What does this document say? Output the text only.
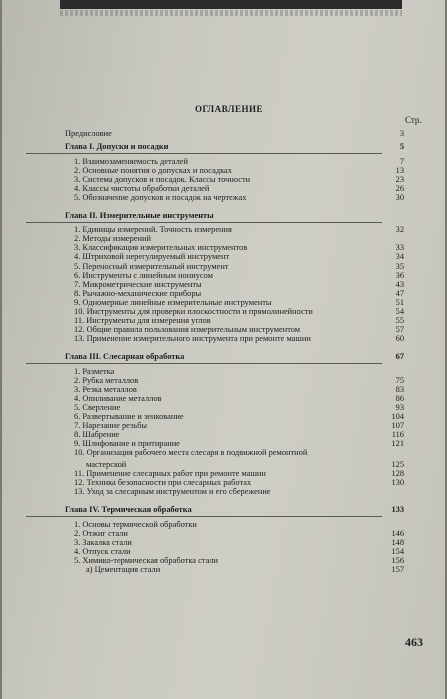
ОГЛАВЛЕНИЕ
Стр.
Предисловие	3
Глава I. Допуски и посадки	5
1. Взаимозаменяемость деталей	7
2. Основные понятия о допусках и посадках	13
3. Система допусков и посадок. Классы точности	23
4. Классы чистоты обработки деталей	26
5. Обозначение допусков и посадок на чертежах	30
Глава II. Измерительные инструменты
1. Единицы измерений. Точность измерения	32
2. Методы измерений
3. Классификация измерительных инструментов	33
4. Штриховой нерегулируемый инструмент	34
5. Переносный измерительный инструмент	35
6. Инструменты с линейным нониусом	36
7. Микрометрические инструменты	43
8. Рычажно-механические приборы	47
9. Одномерные линейные измерительные инструменты	51
10. Инструменты для проверки плоскостности и прямолинейности	54
11. Инструменты для измерения углов	55
12. Общие правила пользования измерительным инструментом	57
13. Применение измерительного инструмента при ремонте машин	60
Глава III. Слесарная обработка	67
1. Разметка
2. Рубка металлов	75
3. Резка металлов	83
4. Опиливание металлов	86
5. Сверление	93
6. Развертывание и зенкование	104
7. Нарезание резьбы	107
8. Шабрение	116
9. Шлифование и притирание	121
10. Организация рабочего места слесаря в подвижной ремонтной
мастерской	125
11. Применение слесарных работ при ремонте машин	128
12. Техника безопасности при слесарных работах	130
13. Уход за слесарным инструментом и его сбережение
Глава IV. Термическая обработка	133
1. Основы термической обработки
2. Отжиг стали	146
3. Закалка стали	148
4. Отпуск стали	154
5. Химико-термическая обработка стали	156
а) Цементация стали	157
463
